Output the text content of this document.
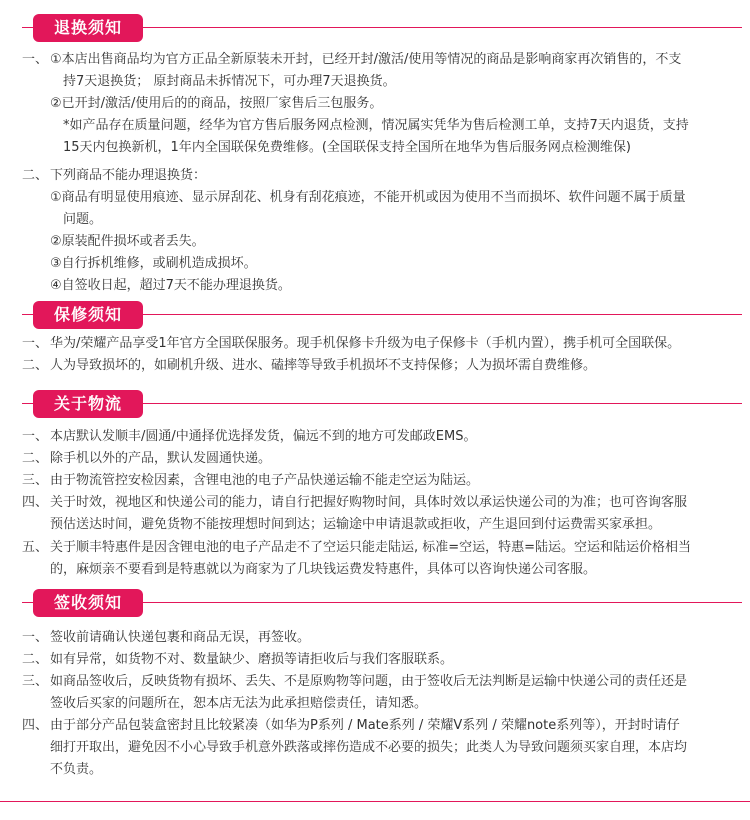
退换须知
一、 ①本店出售商品均为官方正品全新原装未开封，已经开封/激活/使用等情况的商品是影响商家再次销售的，不支
持7天退换货； 原封商品未拆情况下，可办理7天退换货。
②已开封/激活/使用后的的商品，按照厂家售后三包服务。
*如产品存在质量问题，经华为官方售后服务网点检测，情况属实凭华为售后检测工单，支持7天内退货，支持
15天内包换新机，1年内全国联保免费维修。(全国联保支持全国所在地华为售后服务网点检测维保)
二、 下列商品不能办理退换货：
①商品有明显使用痕迹、显示屏刮花、机身有刮花痕迹，不能开机或因为使用不当而损坏、软件问题不属于质量
问题。
②原装配件损坏或者丢失。
③自行拆机维修，或刷机造成损坏。
④自签收日起，超过7天不能办理退换货。
保修须知
一、 华为/荣耀产品享受1年官方全国联保服务。现手机保修卡升级为电子保修卡（手机内置），携手机可全国联保。
二、 人为导致损坏的，如刷机升级、进水、磕摔等导致手机损坏不支持保修；人为损坏需自费维修。
关于物流
一、 本店默认发顺丰/圆通/中通择优选择发货，偏远不到的地方可发邮政EMS。
二、 除手机以外的产品，默认发圆通快递。
三、 由于物流管控安检因素，含锂电池的电子产品快递运输不能走空运为陆运。
四、 关于时效，视地区和快递公司的能力，请自行把握好购物时间，具体时效以承运快递公司的为准；也可咨询客服
预估送达时间，避免货物不能按理想时间到达；运输途中申请退款或拒收，产生退回到付运费需买家承担。
五、 关于顺丰特惠件是因含锂电池的电子产品走不了空运只能走陆运, 标准=空运，特惠=陆运。空运和陆运价格相当
的，麻烦亲不要看到是特惠就以为商家为了几块钱运费发特惠件，具体可以咨询快递公司客服。
签收须知
一、 签收前请确认快递包裹和商品无误，再签收。
二、 如有异常，如货物不对、数量缺少、磨损等请拒收后与我们客服联系。
三、 如商品签收后，反映货物有损坏、丢失、不是原购物等问题，由于签收后无法判断是运输中快递公司的责任还是
签收后买家的问题所在，恕本店无法为此承担赔偿责任，请知悉。
四、 由于部分产品包装盒密封且比较紧凑（如华为P系列 / Mate系列 / 荣耀V系列 / 荣耀note系列等），开封时请仔
细打开取出，避免因不小心导致手机意外跌落或摔伤造成不必要的损失；此类人为导致问题须买家自理，本店均
不负责。
